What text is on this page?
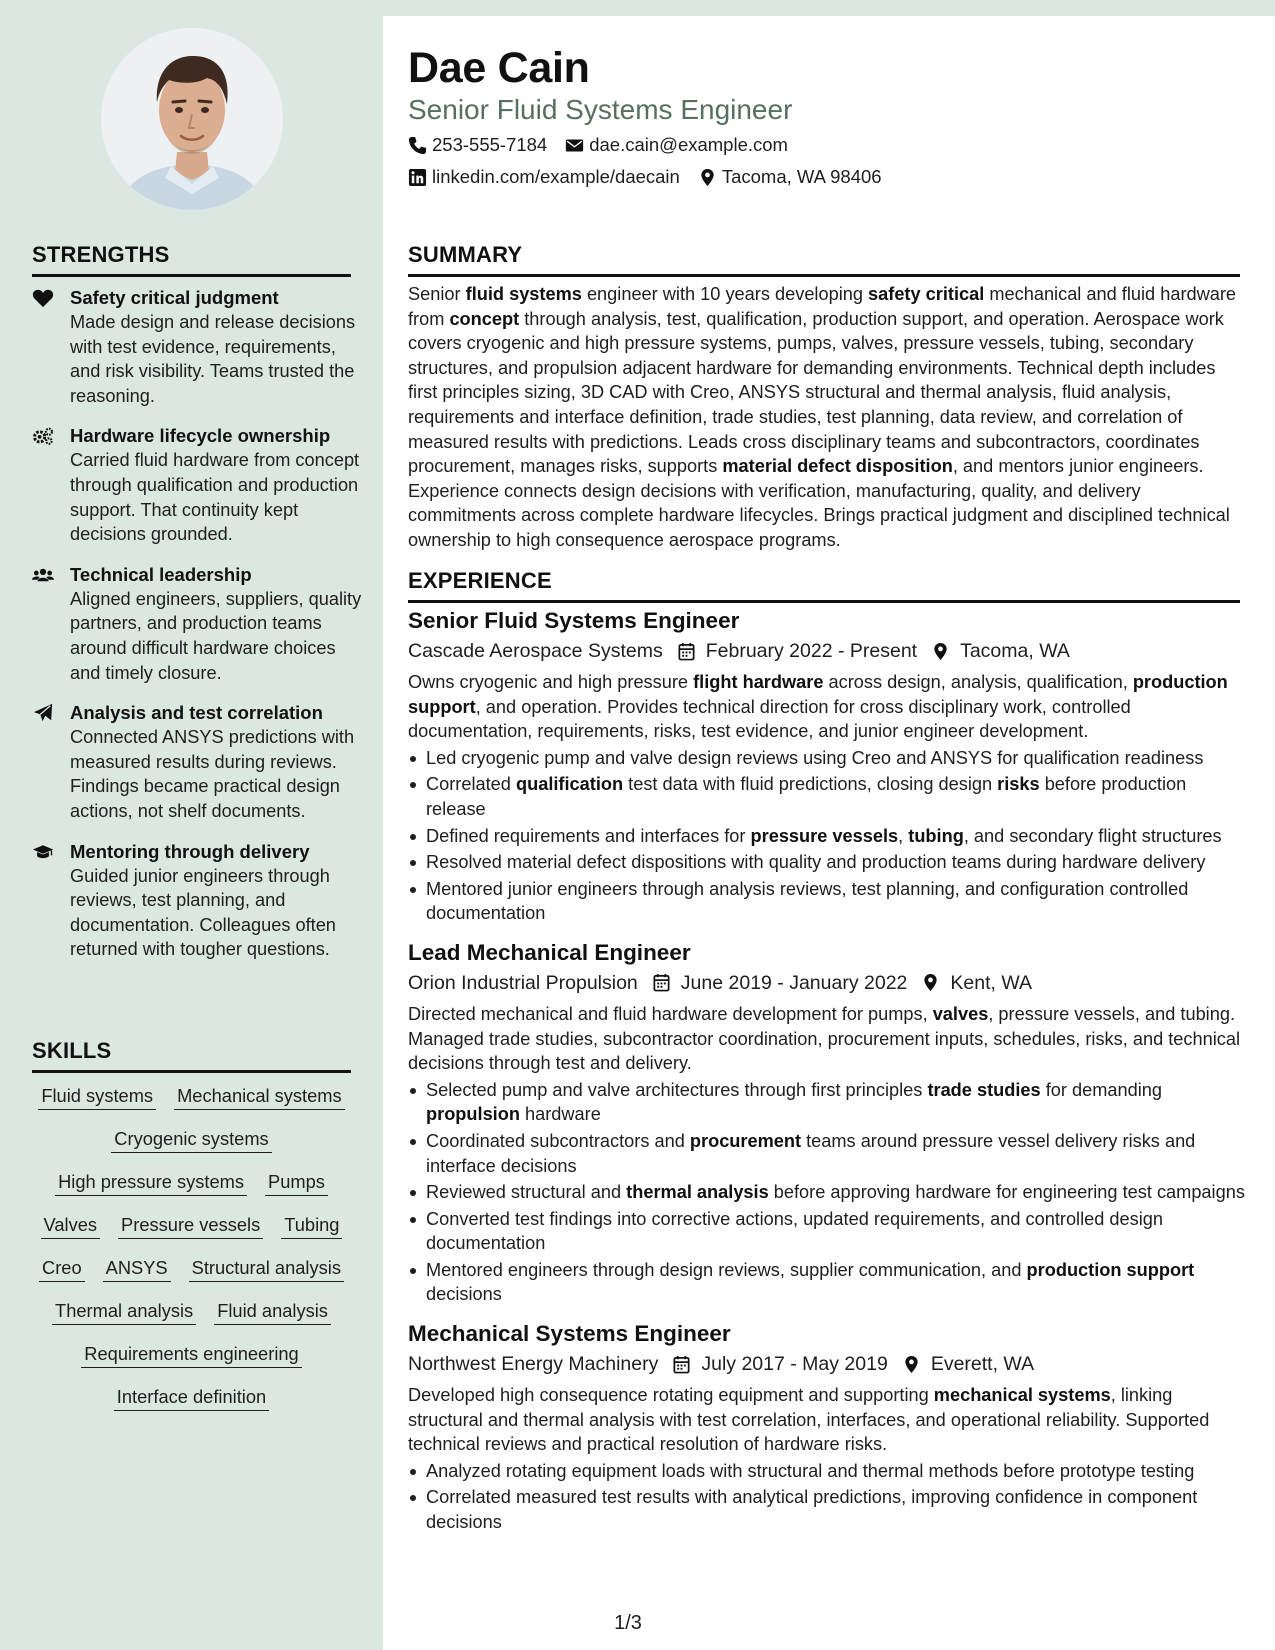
STRENGTHS
Safety critical judgment
Made design and release decisions with test evidence, requirements, and risk visibility. Teams trusted the reasoning.
Hardware lifecycle ownership
Carried fluid hardware from concept through qualification and production support. That continuity kept decisions grounded.
Technical leadership
Aligned engineers, suppliers, quality partners, and production teams around difficult hardware choices and timely closure.
Analysis and test correlation
Connected ANSYS predictions with measured results during reviews. Findings became practical design actions, not shelf documents.
Mentoring through delivery
Guided junior engineers through reviews, test planning, and documentation. Colleagues often returned with tougher questions.
SKILLS
Fluid systems Mechanical systems
Cryogenic systems
High pressure systems Pumps
Valves Pressure vessels Tubing
Creo ANSYS Structural analysis
Thermal analysis Fluid analysis
Requirements engineering
Interface definition
Dae Cain
Senior Fluid Systems Engineer
253-555-7184 dae.cain@example.com
linkedin.com/example/daecain Tacoma, WA 98406
SUMMARY
Senior fluid systems engineer with 10 years developing safety critical mechanical and fluid hardware from concept through analysis, test, qualification, production support, and operation. Aerospace work covers cryogenic and high pressure systems, pumps, valves, pressure vessels, tubing, secondary structures, and propulsion adjacent hardware for demanding environments. Technical depth includes first principles sizing, 3D CAD with Creo, ANSYS structural and thermal analysis, fluid analysis, requirements and interface definition, trade studies, test planning, data review, and correlation of measured results with predictions. Leads cross disciplinary teams and subcontractors, coordinates procurement, manages risks, supports material defect disposition, and mentors junior engineers. Experience connects design decisions with verification, manufacturing, quality, and delivery commitments across complete hardware lifecycles. Brings practical judgment and disciplined technical ownership to high consequence aerospace programs.
EXPERIENCE
Senior Fluid Systems Engineer
Cascade Aerospace Systems February 2022 - Present Tacoma, WA
Owns cryogenic and high pressure flight hardware across design, analysis, qualification, production support, and operation. Provides technical direction for cross disciplinary work, controlled documentation, requirements, risks, test evidence, and junior engineer development.
Led cryogenic pump and valve design reviews using Creo and ANSYS for qualification readiness
Correlated qualification test data with fluid predictions, closing design risks before production release
Defined requirements and interfaces for pressure vessels, tubing, and secondary flight structures
Resolved material defect dispositions with quality and production teams during hardware delivery
Mentored junior engineers through analysis reviews, test planning, and configuration controlled documentation
Lead Mechanical Engineer
Orion Industrial Propulsion June 2019 - January 2022 Kent, WA
Directed mechanical and fluid hardware development for pumps, valves, pressure vessels, and tubing. Managed trade studies, subcontractor coordination, procurement inputs, schedules, risks, and technical decisions through test and delivery.
Selected pump and valve architectures through first principles trade studies for demanding propulsion hardware
Coordinated subcontractors and procurement teams around pressure vessel delivery risks and interface decisions
Reviewed structural and thermal analysis before approving hardware for engineering test campaigns
Converted test findings into corrective actions, updated requirements, and controlled design documentation
Mentored engineers through design reviews, supplier communication, and production support decisions
Mechanical Systems Engineer
Northwest Energy Machinery July 2017 - May 2019 Everett, WA
Developed high consequence rotating equipment and supporting mechanical systems, linking structural and thermal analysis with test correlation, interfaces, and operational reliability. Supported technical reviews and practical resolution of hardware risks.
Analyzed rotating equipment loads with structural and thermal methods before prototype testing
Correlated measured test results with analytical predictions, improving confidence in component decisions
1/3
